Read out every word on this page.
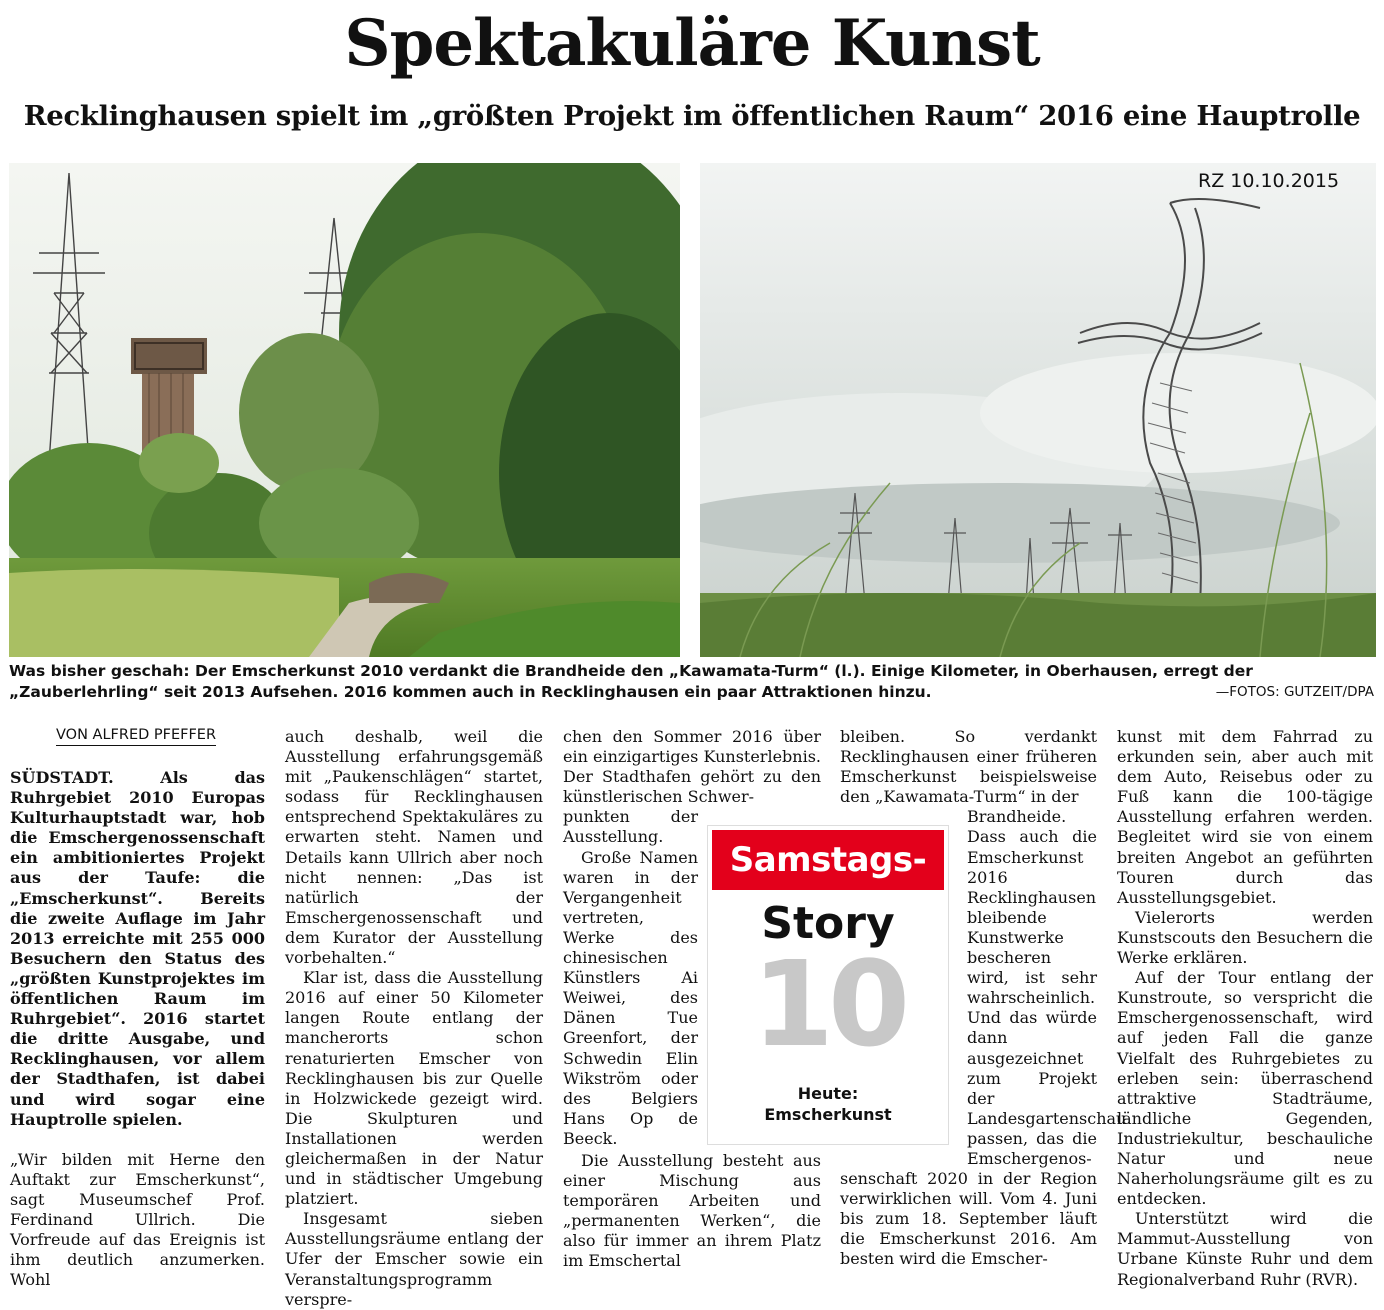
Spektakuläre Kunst
Recklinghausen spielt im „größten Projekt im öffentlichen Raum“ 2016 eine Hauptrolle
RZ 10.10.2015
Was bisher geschah: Der Emscherkunst 2010 verdankt die Brandheide den „Kawamata-Turm“ (l.). Einige Kilometer, in Oberhausen, erregt der „Zauberlehrling“ seit 2013 Aufsehen. 2016 kommen auch in Recklinghausen ein paar Attraktionen hinzu.	—FOTOS: GUTZEIT/DPA
VON ALFRED PFEFFER

SÜDSTADT. Als das Ruhrgebiet 2010 Europas Kulturhauptstadt war, hob die Emschergenossenschaft ein ambitioniertes Projekt aus der Taufe: die „Emscherkunst“. Bereits die zweite Auflage im Jahr 2013 erreichte mit 255 000 Besuchern den Status des „größten Kunstprojektes im öffentlichen Raum im Ruhrgebiet“. 2016 startet die dritte Ausgabe, und Recklinghausen, vor allem der Stadthafen, ist dabei und wird sogar eine Hauptrolle spielen.

„Wir bilden mit Herne den Auftakt zur Emscherkunst“, sagt Museumschef Prof. Ferdinand Ullrich. Die Vorfreude auf das Ereignis ist ihm deutlich anzumerken. Wohl

auch deshalb, weil die Ausstellung erfahrungsgemäß mit „Paukenschlägen“ startet, sodass für Recklinghausen entsprechend Spektakuläres zu erwarten steht. Namen und Details kann Ullrich aber noch nicht nennen: „Das ist natürlich der Emschergenossenschaft und dem Kurator der Ausstellung vorbehalten.“

Klar ist, dass die Ausstellung 2016 auf einer 50 Kilometer langen Route entlang der mancherorts schon renaturierten Emscher von Recklinghausen bis zur Quelle in Holzwickede gezeigt wird. Die Skulpturen und Installationen werden gleichermaßen in der Natur und in städtischer Umgebung platziert.

Insgesamt sieben Ausstellungsräume entlang der Ufer der Emscher sowie ein Veranstaltungsprogramm verspre-

chen den Sommer 2016 über ein einzigartiges Kunsterlebnis. Der Stadthafen gehört zu den künstlerischen Schwer-

punkten der Ausstellung.

Große Namen waren in der Vergangenheit vertreten, Werke des chinesischen Künstlers Ai Weiwei, des Dänen Tue Greenfort, der Schwedin Elin Wikström oder des Belgiers Hans Op de Beeck.

Die Ausstellung besteht aus einer Mischung aus temporären Arbeiten und „permanenten Werken“, die also für immer an ihrem Platz im Emschertal

bleiben. So verdankt Recklinghausen einer früheren Emscherkunst beispielsweise den „Kawamata-Turm“ in der

Brandheide.

Dass auch die Emscherkunst 2016 Recklinghausen bleibende Kunstwerke bescheren wird, ist sehr wahrscheinlich. Und das würde dann ausgezeichnet zum Projekt der Landesgartenschau passen, das die Emschergenos-

senschaft 2020 in der Region verwirklichen will. Vom 4. Juni bis zum 18. September läuft die Emscherkunst 2016. Am besten wird die Emscher-

kunst mit dem Fahrrad zu erkunden sein, aber auch mit dem Auto, Reisebus oder zu Fuß kann die 100-tägige Ausstellung erfahren werden. Begleitet wird sie von einem breiten Angebot an geführten Touren durch das Ausstellungsgebiet.

Vielerorts werden Kunstscouts den Besuchern die Werke erklären.

Auf der Tour entlang der Kunstroute, so verspricht die Emschergenossenschaft, wird auf jeden Fall die ganze Vielfalt des Ruhrgebietes zu erleben sein: überraschend attraktive Stadträume, ländliche Gegenden, Industriekultur, beschauliche Natur und neue Naherholungsräume gilt es zu entdecken.

Unterstützt wird die Mammut-Ausstellung von Urbane Künste Ruhr und dem Regionalverband Ruhr (RVR).

Samstags-
Story
10
Heute:
Emscherkunst
